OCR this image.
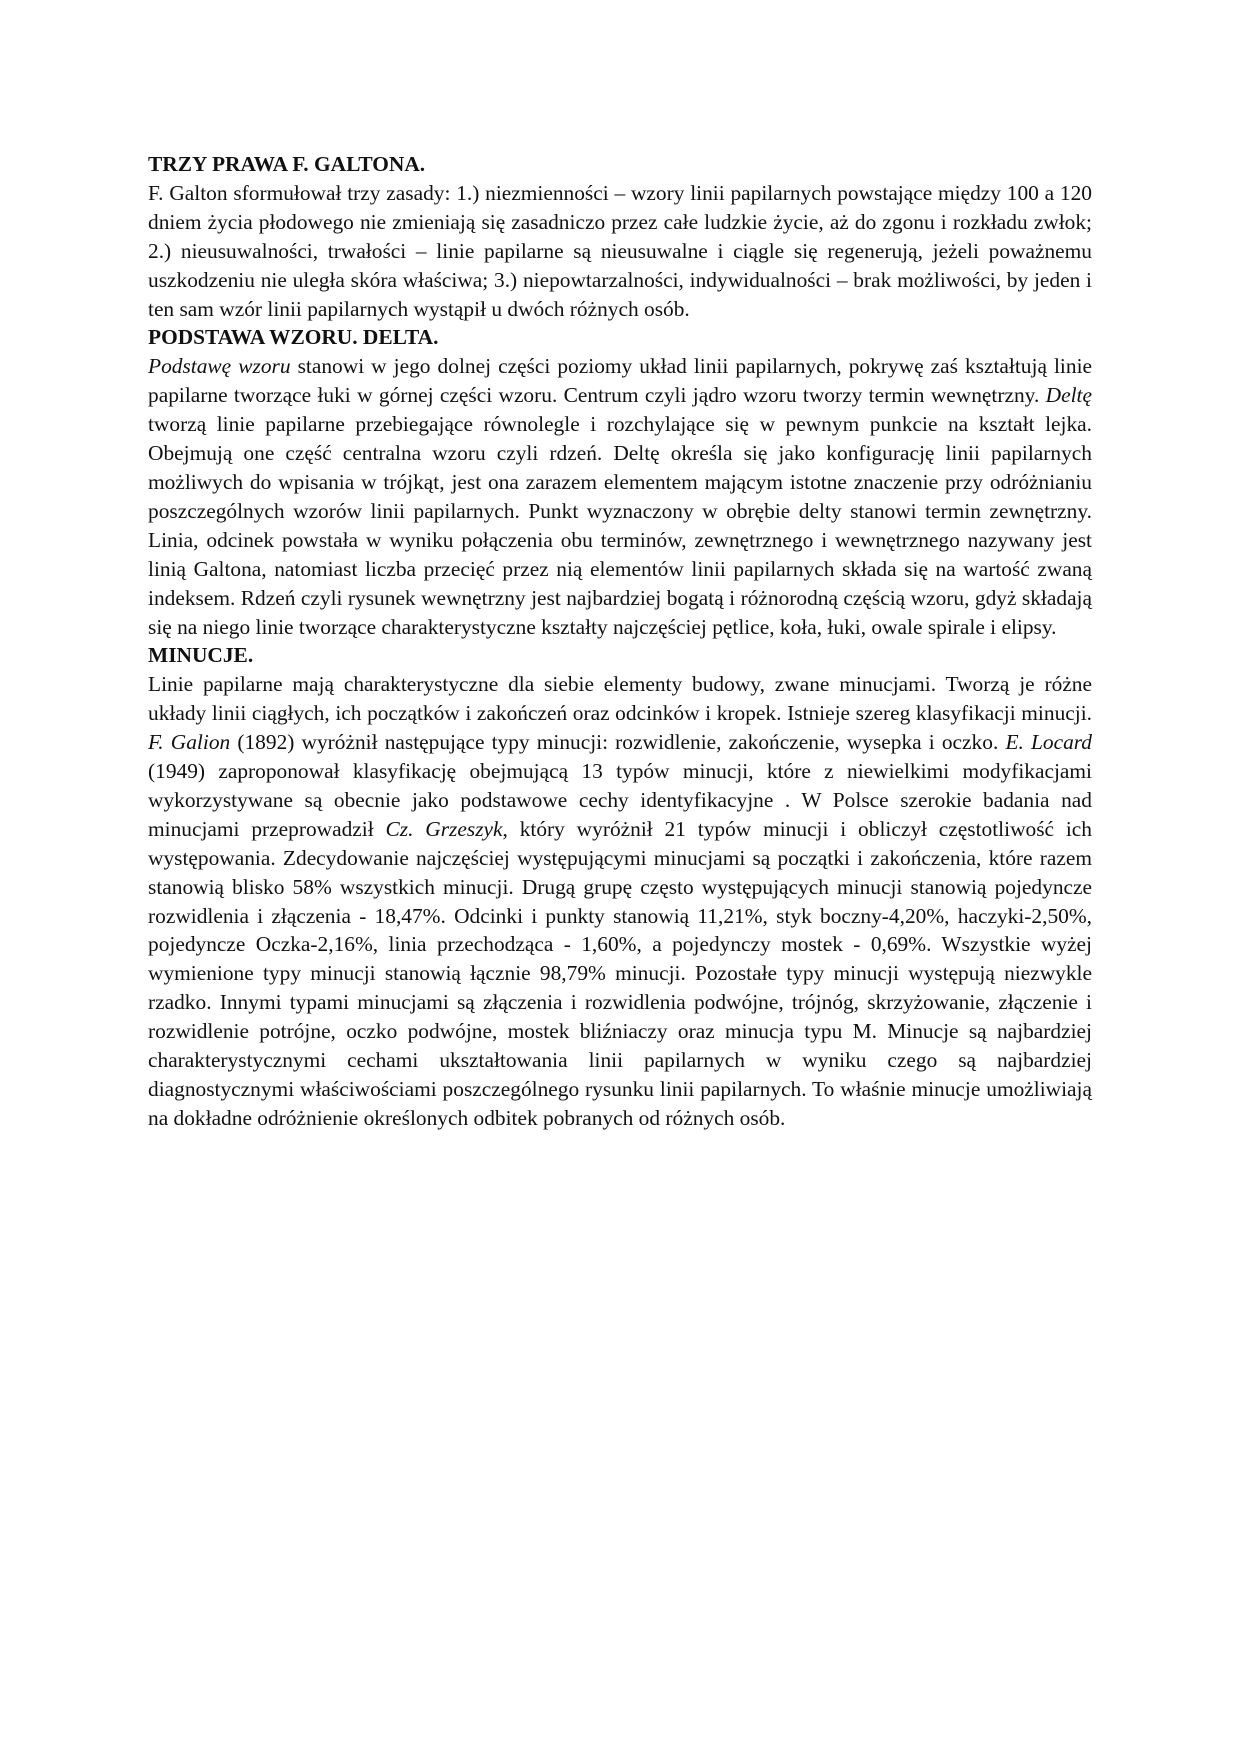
TRZY PRAWA F. GALTONA.

F. Galton sformułował trzy zasady: 1.) niezmienności – wzory linii papilarnych powstające między 100 a 120 dniem życia płodowego nie zmieniają się zasadniczo przez całe ludzkie życie, aż do zgonu i rozkładu zwłok; 2.) nieusuwalności, trwałości – linie papilarne są nieusuwalne i ciągle się regenerują, jeżeli poważnemu uszkodzeniu nie uległa skóra właściwa; 3.) niepowtarzalności, indywidualności – brak możliwości, by jeden i ten sam wzór linii papilarnych wystąpił u dwóch różnych osób.

PODSTAWA WZORU. DELTA.

Podstawę wzoru stanowi w jego dolnej części poziomy układ linii papilarnych, pokrywę zaś kształtują linie papilarne tworzące łuki w górnej części wzoru. Centrum czyli jądro wzoru tworzy termin wewnętrzny. Deltę tworzą linie papilarne przebiegające równolegle i rozchylające się w pewnym punkcie na kształt lejka. Obejmują one część centralna wzoru czyli rdzeń. Deltę określa się jako konfigurację linii papilarnych możliwych do wpisania w trójkąt, jest ona zarazem elementem mającym istotne znaczenie przy odróżnianiu poszczególnych wzorów linii papilarnych. Punkt wyznaczony w obrębie delty stanowi termin zewnętrzny. Linia, odcinek powstała w wyniku połączenia obu terminów, zewnętrznego i wewnętrznego nazywany jest linią Galtona, natomiast liczba przecięć przez nią elementów linii papilarnych składa się na wartość zwaną indeksem. Rdzeń czyli rysunek wewnętrzny jest najbardziej bogatą i różnorodną częścią wzoru, gdyż składają się na niego linie tworzące charakterystyczne kształty najczęściej pętlice, koła, łuki, owale spirale i elipsy.

MINUCJE.

Linie papilarne mają charakterystyczne dla siebie elementy budowy, zwane minucjami. Tworzą je różne układy linii ciągłych, ich początków i zakończeń oraz odcinków i kropek. Istnieje szereg klasyfikacji minucji. F. Galion (1892) wyróżnił następujące typy minucji: rozwidlenie, zakończenie, wysepka i oczko. E. Locard (1949) zaproponował klasyfikację obejmującą 13 typów minucji, które z niewielkimi modyfikacjami wykorzystywane są obecnie jako podstawowe cechy identyfikacyjne . W Polsce szerokie badania nad minucjami przeprowadził Cz. Grzeszyk, który wyróżnił 21 typów minucji i obliczył częstotliwość ich występowania. Zdecydowanie najczęściej występującymi minucjami są początki i zakończenia, które razem stanowią blisko 58% wszystkich minucji. Drugą grupę często występujących minucji stanowią pojedyncze rozwidlenia i złączenia - 18,47%. Odcinki i punkty stanowią 11,21%, styk boczny-4,20%, haczyki-2,50%, pojedyncze Oczka-2,16%, linia przechodząca - 1,60%, a pojedynczy mostek - 0,69%. Wszystkie wyżej wymienione typy minucji stanowią łącznie 98,79% minucji. Pozostałe typy minucji występują niezwykle rzadko. Innymi typami minucjami są złączenia i rozwidlenia podwójne, trójnóg, skrzyżowanie, złączenie i rozwidlenie potrójne, oczko podwójne, mostek bliźniaczy oraz minucja typu M. Minucje są najbardziej charakterystycznymi cechami ukształtowania linii papilarnych w wyniku czego są najbardziej diagnostycznymi właściwościami poszczególnego rysunku linii papilarnych. To właśnie minucje umożliwiają na dokładne odróżnienie określonych odbitek pobranych od różnych osób.
